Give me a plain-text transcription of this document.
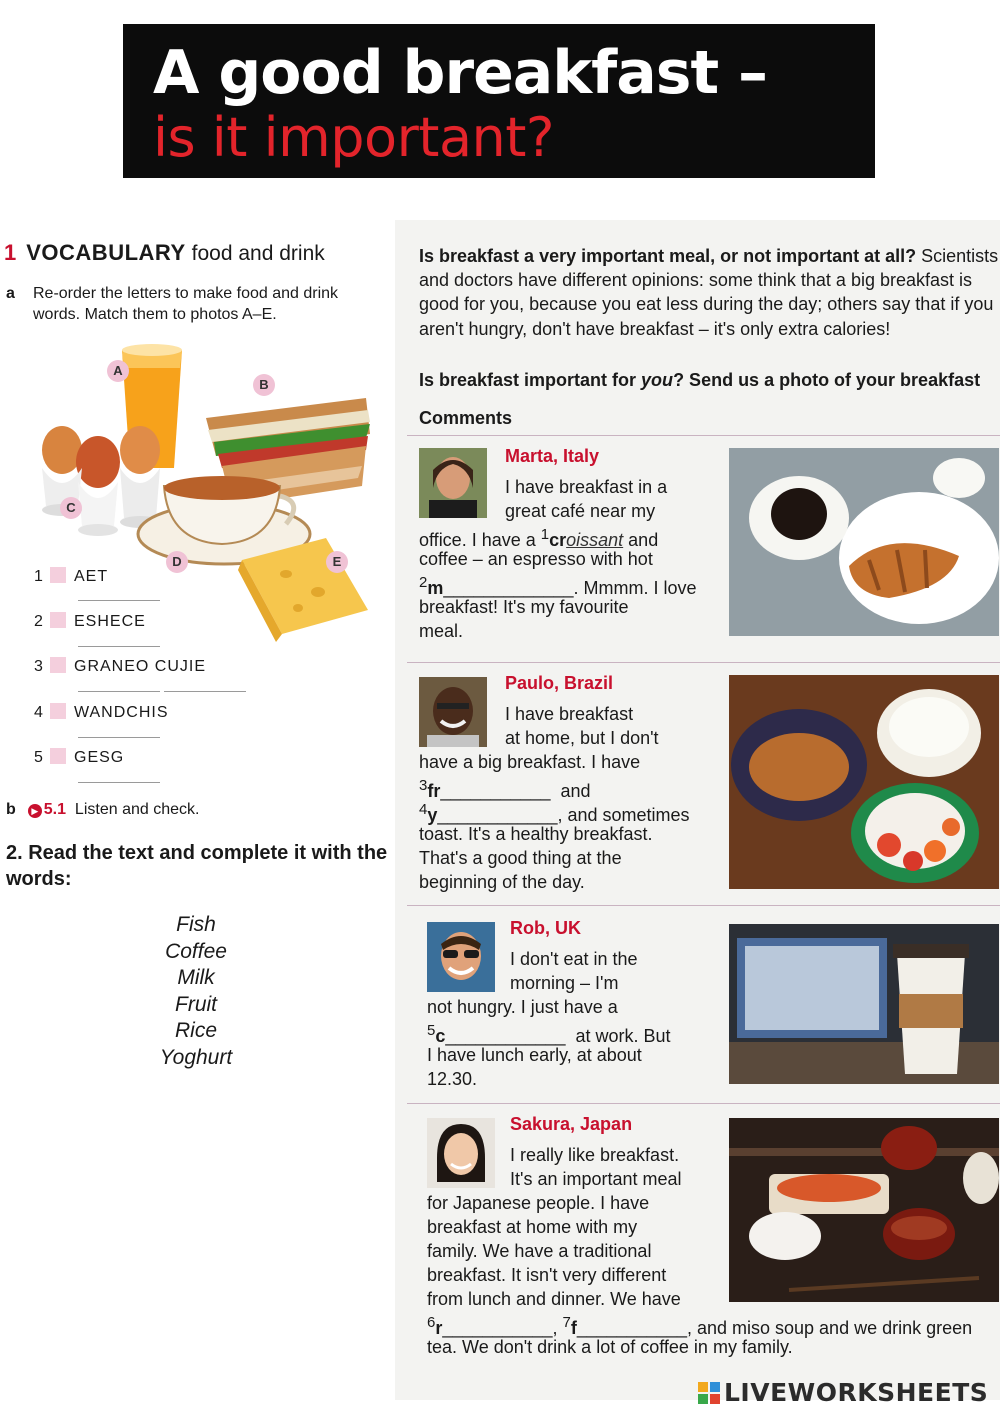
A good breakfast –
is it important?
1 VOCABULARY food and drink
a Re-order the letters to make food and drink words. Match them to photos A–E.
A
B
C
D	E
1 AET
2 ESHECE
3 GRANEO CUJIE
4 WANDCHIS
5 GESG
b ▶ 5.1 Listen and check.
2. Read the text and complete it with the words:
Fish
Coffee
Milk
Fruit
Rice
Yoghurt
Is breakfast a very important meal, or not important at all? Scientists and doctors have different opinions: some think that a big breakfast is good for you, because you eat less during the day; others say that if you aren't hungry, don't have breakfast – it's only extra calories!
Is breakfast important for you? Send us a photo of your breakfast
Comments
Marta, Italy
I have breakfast in a
great café near my
office. I have a $^1$croissant and
coffee – an espresso with hot
$^2$m_____________. Mmmm. I love
breakfast! It's my favourite
meal.
Paulo, Brazil
I have breakfast
at home, but I don't
have a big breakfast. I have
$^3$fr___________ and
$^4$y____________, and sometimes
toast. It's a healthy breakfast.
That's a good thing at the
beginning of the day.
Rob, UK
I don't eat in the
morning – I'm
not hungry. I just have a
$^5$c____________ at work. But
I have lunch early, at about
12.30.
Sakura, Japan
I really like breakfast.
It's an important meal
for Japanese people. I have
breakfast at home with my
family. We have a traditional
breakfast. It isn't very different
from lunch and dinner. We have
$^6$r___________, $^7$f___________, and miso soup and we drink green
tea. We don't drink a lot of coffee in my family.
LIVEWORKSHEETS
